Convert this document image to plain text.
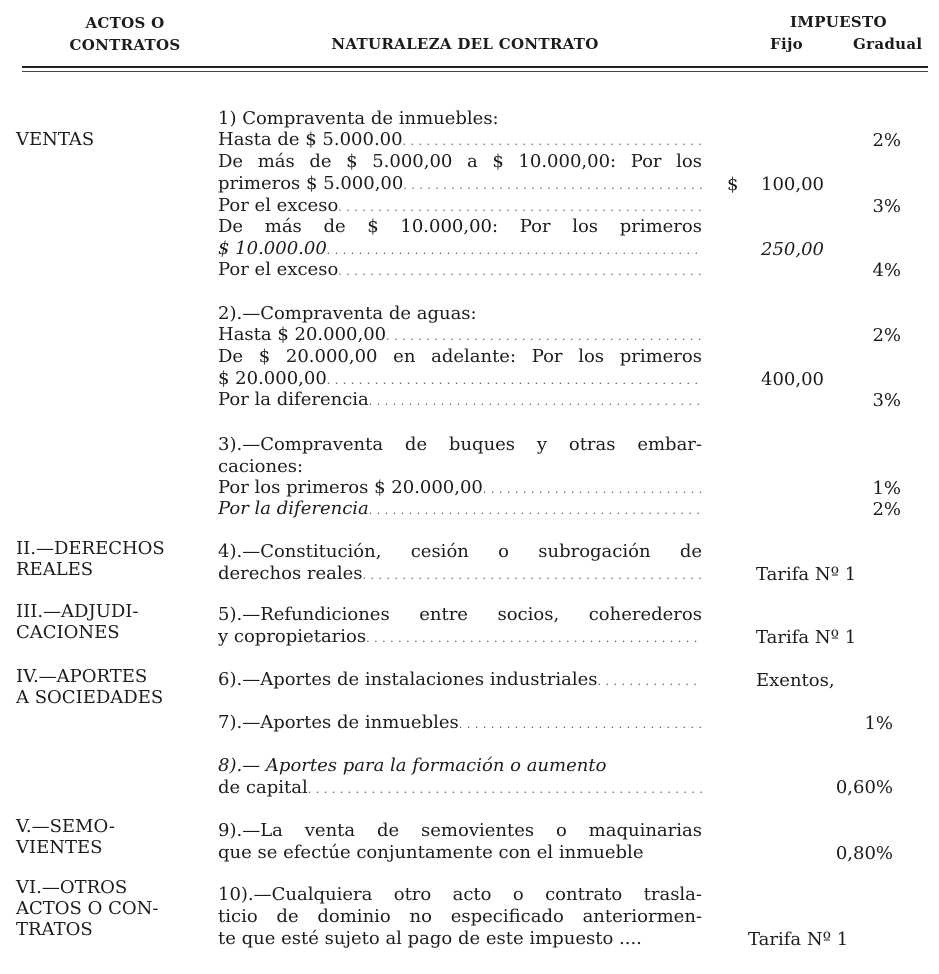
ACTOS O
CONTRATOS	NATURALEZA DEL CONTRATO
IMPUESTO
Fijo	Gradual
VENTAS
II.—DERECHOS
REALES
III.—ADJUDI-
CACIONES
IV.—APORTES
A SOCIEDADES
V.—SEMO-
VIENTES
VI.—OTROS
ACTOS O CON-
TRATOS
1) Compraventa de inmuebles:
Hasta de $ 5.000.00
. . .
De más de $ 5.000,00 a $ 10.000,00: Por los
primeros $ 5.000,00
. . .
Por el exceso
. . .
De más de $ 10.000,00: Por los primeros
$ 10.000.00
. . .
Por el exceso
. . .
2).—Compraventa de aguas:
Hasta $ 20.000,00
. . .
De $ 20.000,00 en adelante: Por los primeros
$ 20.000,00
. . .
Por la diferencia
. . .
3).—Compraventa de buques y otras embar-
caciones:
Por los primeros $ 20.000,00
. . .
Por la diferencia
. . .
4).—Constitución, cesión o subrogación de
derechos reales
. . .
5).—Refundiciones entre socios, coherederos
y copropietarios
. . .
6).—Aportes de instalaciones industriales
. . .
7).—Aportes de inmuebles
. . .
8).— Aportes para la formación o aumento
de capital
. . .
9).—La venta de semovientes o maquinarias
que se efectúe conjuntamente con el inmueble
10).—Cualquiera otro acto o contrato trasla-
ticio de dominio no especificado anteriormen-
te que esté sujeto al pago de este impuesto ....
2%
$ 100,00
3%
250,00
4%
2%
400,00
3%
1%
2%
Tarifa Nº 1
Tarifa Nº 1
Exentos,
1%
0,60%
0,80%
Tarifa Nº 1
